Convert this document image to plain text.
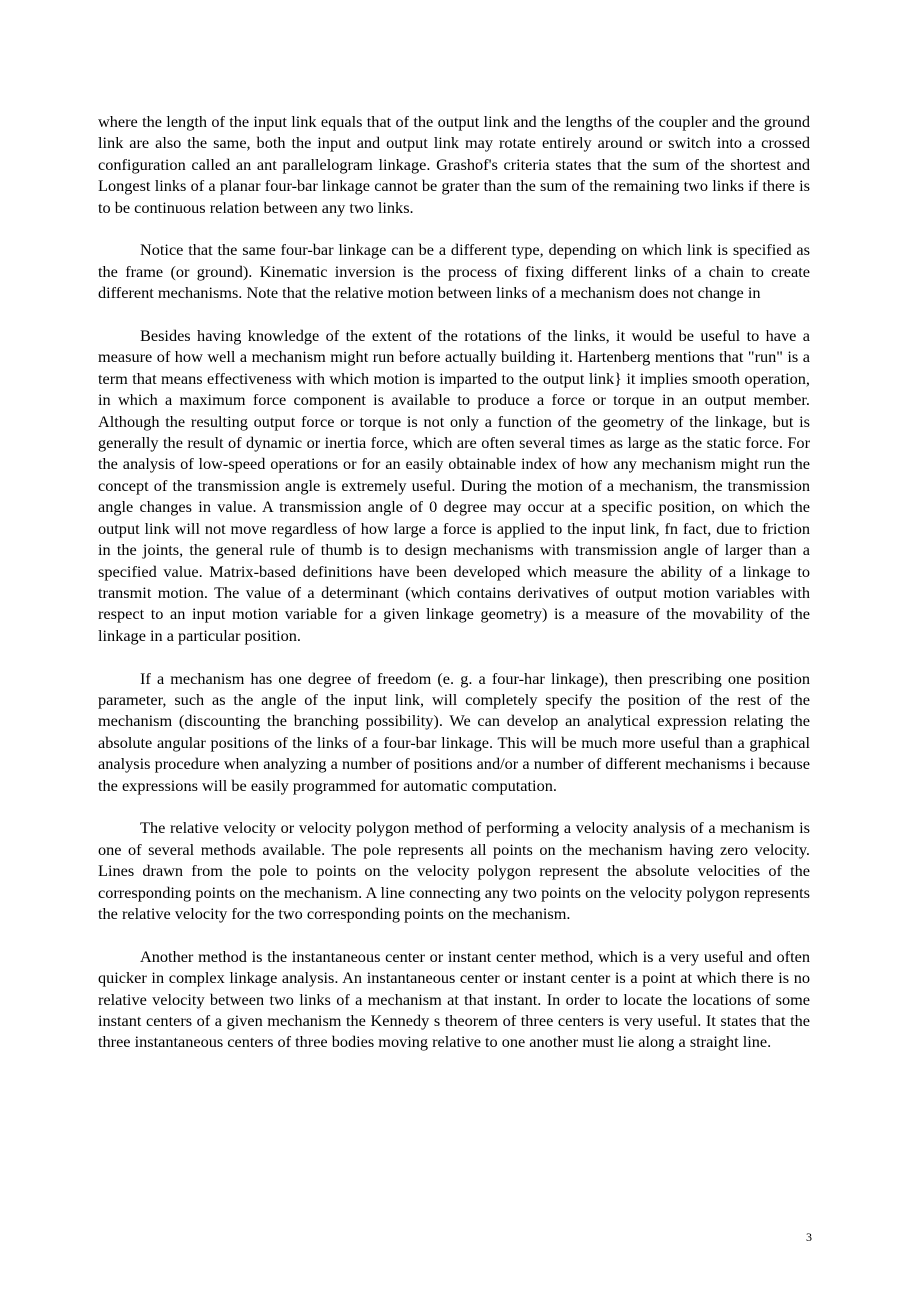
where the length of the input link equals that of the output link and the lengths of the coupler and the ground link are also the same, both the input and output link may rotate entirely around or switch into a crossed configuration called an ant parallelogram linkage. Grashof's criteria states that the sum of the shortest and Longest links of a planar four-bar linkage cannot be grater than the sum of the remaining two links if there is to be continuous relation between any two links.

Notice that the same four-bar linkage can be a different type, depending on which link is specified as the frame (or ground). Kinematic inversion is the process of fixing different links of a chain to create different mechanisms. Note that the relative motion between links of a mechanism does not change in

Besides having knowledge of the extent of the rotations of the links, it would be useful to have a measure of how well a mechanism might run before actually building it. Hartenberg mentions that "run" is a term that means effectiveness with which motion is imparted to the output link} it implies smooth operation, in which a maximum force component is available to produce a force or torque in an output member. Although the resulting output force or torque is not only a function of the geometry of the linkage, but is generally the result of dynamic or inertia force, which are often several times as large as the static force. For the analysis of low-speed operations or for an easily obtainable index of how any mechanism might run the concept of the transmission angle is extremely useful. During the motion of a mechanism, the transmission angle changes in value. A transmission angle of 0 degree may occur at a specific position, on which the output link will not move regardless of how large a force is applied to the input link, fn fact, due to friction in the joints, the general rule of thumb is to design mechanisms with transmission angle of larger than a specified value. Matrix-based definitions have been developed which measure the ability of a linkage to transmit motion. The value of a determinant (which contains derivatives of output motion variables with respect to an input motion variable for a given linkage geometry) is a measure of the movability of the linkage in a particular position.

If a mechanism has one degree of freedom (e. g. a four-har linkage), then prescribing one position parameter, such as the angle of the input link, will completely specify the position of the rest of the mechanism (discounting the branching possibility). We can develop an analytical expression relating the absolute angular positions of the links of a four-bar linkage. This will be much more useful than a graphical analysis procedure when analyzing a number of positions and/or a number of different mechanisms i because the expressions will be easily programmed for automatic computation.

The relative velocity or velocity polygon method of performing a velocity analysis of a mechanism is one of several methods available. The pole represents all points on the mechanism having zero velocity. Lines drawn from the pole to points on the velocity polygon represent the absolute velocities of the corresponding points on the mechanism. A line connecting any two points on the velocity polygon represents the relative velocity for the two corresponding points on the mechanism.

Another method is the instantaneous center or instant center method, which is a very useful and often quicker in complex linkage analysis. An instantaneous center or instant center is a point at which there is no relative velocity between two links of a mechanism at that instant. In order to locate the locations of some instant centers of a given mechanism the Kennedy s theorem of three centers is very useful. It states that the three instantaneous centers of three bodies moving relative to one another must lie along a straight line.

3
